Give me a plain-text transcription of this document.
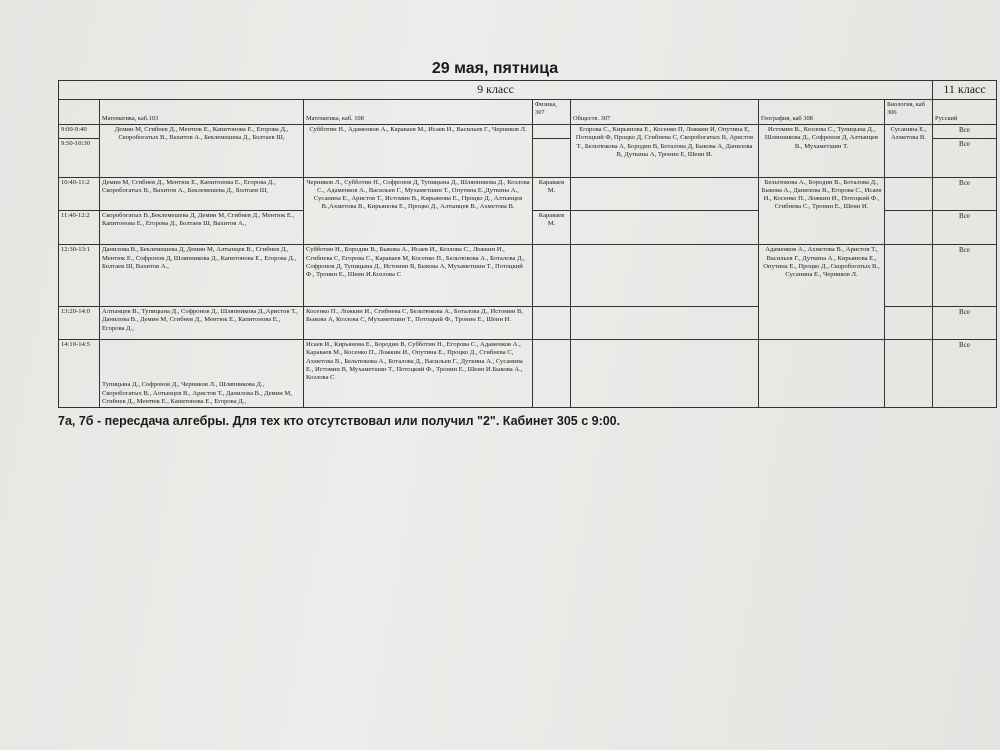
29 мая, пятница
9 класс							11 класс
	Математика, каб.103	Математика, каб. 108	Физика, 307	Обществ. 307	География, каб 308	Биология, каб 306	Русский
9:00-9:40	Демин М, Сгибнев Д., Ментюк Е., Капитонова Е., Егорова Д., Скоробогатых В., Вахитов А., Беклемешева Д., Болтаев Ш,	Субботин Н., Адаменков А., Караваев М., Исаев И., Васильев Г., Черников Л.		Егорова С., Кирьянова Е., Косенко П, Ложкин И, Опутина Е, Потоцкий Ф, Процко Д, Сгибнева С, Скоробогатых В, Аристов Т., Бельтюкова А, Бородин В, Боталова Д, Быкова А, Данилова В, Дуткина А, Тронин Е, Шеин И.	Истомин В., Козлова С., Тупицына Д., Шляпникова Д., Софронов Д, Алтынцев В., Мухаметшин Т.	Сусанина Е., Ахметова В.	Все
9:50-10:30							Все
10:40-11:2	Демин М, Сгибнев Д., Ментюк Е., Капитонова Е., Егорова Д., Скоробогатых В., Вахитов А., Беклемешева Д., Болтаев Ш,	Черников Л., Субботин Н., Софронов Д, Тупицына Д., Шляпникова Д., Козлова С., Адаменков А., Васильев Г., Мухаметшин Т., Опутина Е.,Дуткина А., Сусанина Е., Аристов Т., Истомин В., Кирьянова Е., Процко Д., Алтынцев В.,Ахметова В., Кирьянова Е., Процко Д., Алтынцев В., Ахметова В.	Караваев М.		Бельтюкова А., Бородин В., Боталова Д., Быкова А., Данилова В., Егорова С., Исаев И., Косенко П., Ложкин И., Потоцкий Ф., Сгибнева С., Тронин Е., Шеин И.		Все
11:40-12:2	Скоробогатых В.,Беклемешева Д, Демин М, Сгибнев Д., Ментюк Е., Капитонова Е., Егорова Д., Болтаев Ш, Вахитов А.,		Караваев М.				Все
12:30-13:1	Данилова В., Беклемешева Д, Демин М, Алтынцев В., Сгибнев Д., Ментюк Е., Софронов Д, Шляпникова Д., Капитонова Е., Егорова Д., Болтаев Ш, Вахитов А.,	Субботин Н., Бородин В., Быкова А., Исаев И., Козлова С., Ложкин И., Сгибнева С, Егорова С., Караваев М, Косенко П., Бельтюкова А., Боталова Д., Софронов Д, Тупицына Д., Истомин В, Быкова А, Мухаметшин Т., Потоцкий Ф., Тронин Е., Шеин И.Козлова С			Адаменков А., Ахметова В., Аристов Т., Васильев Г., Дуткина А., Кирьянова Е., Опутина Е., Процко Д., Скоробогатых В., Сусанина Е., Черников Л.		Все
13:20-14:0	Алтынцев В., Тупицына Д., Софронов Д., Шляпникова Д.,Аристов Т., Данилова В., Демин М, Сгибнев Д., Ментюк Е., Капитонова Е., Егорова Д.,	Косенко П., Ложкин И., Сгибнева С, Бельтюкова А., Боталова Д., Истомин В, Быкова А, Козлова С, Мухаметшин Т., Потоцкий Ф., Тронин Е., Шеин И.					Все
14:10-14:5	Тупицына Д., Софронов Д., Черников Л., Шляпникова Д., Скоробогатых В., Алтынцев В., Аристов Т., Данилова В., Демин М, Сгибнев Д., Ментюк Е., Капитонова Е., Егорова Д.,	Исаев И., Кирьянова Е., Бородин В, Субботин Н., Егорова С., Адаменков А., Караваев М., Косенко П., Ложкин И., Опутина Е., Процко Д., Сгибнева С, Ахметова В., Бельтюкова А., Боталова Д., Васильев Г., Дуткина А., Сусанина Е., Истомин В, Мухаметшин Т., Потоцкий Ф., Тронин Е., Шеин И.Быкова А., Козлова С					Все
7а, 7б - пересдача алгебры. Для тех кто отсутствовал или получил "2". Кабинет 305 с 9:00.
